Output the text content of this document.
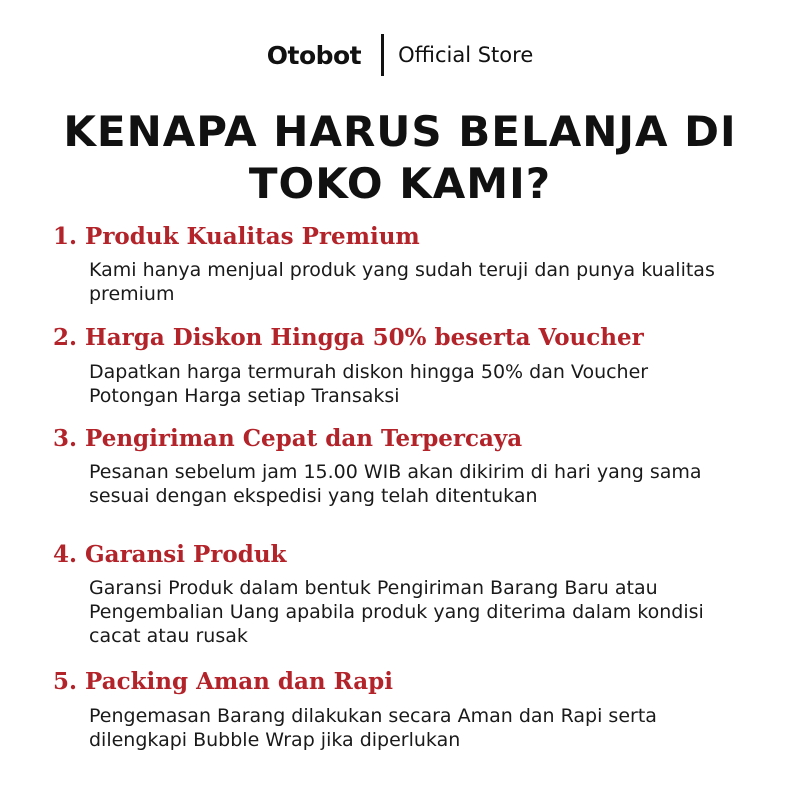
Otobot Official Store
KENAPA HARUS BELANJA DI
TOKO KAMI?
1. Produk Kualitas Premium

Kami hanya menjual produk yang sudah teruji dan punya kualitas premium

2. Harga Diskon Hingga 50% beserta Voucher

Dapatkan harga termurah diskon hingga 50% dan Voucher Potongan Harga setiap Transaksi

3. Pengiriman Cepat dan Terpercaya

Pesanan sebelum jam 15.00 WIB akan dikirim di hari yang sama sesuai dengan ekspedisi yang telah ditentukan

4. Garansi Produk

Garansi Produk dalam bentuk Pengiriman Barang Baru atau Pengembalian Uang apabila produk yang diterima dalam kondisi cacat atau rusak

5. Packing Aman dan Rapi

Pengemasan Barang dilakukan secara Aman dan Rapi serta dilengkapi Bubble Wrap jika diperlukan
